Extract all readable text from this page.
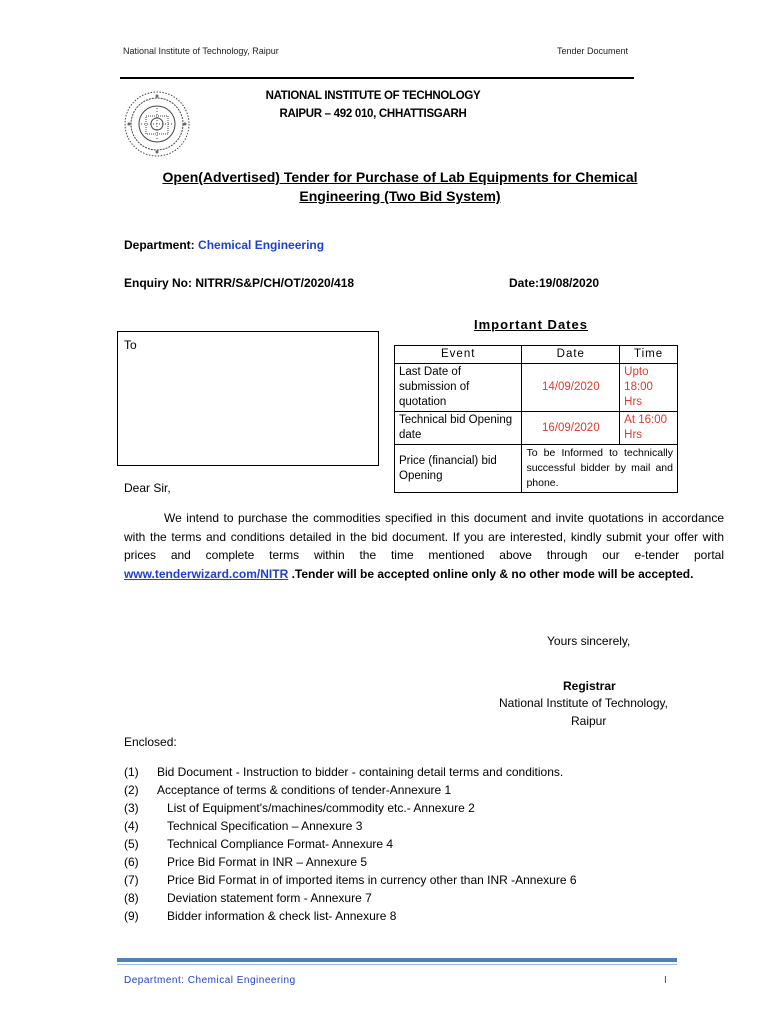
National Institute of Technology, Raipur	Tender Document
NATIONAL INSTITUTE OF TECHNOLOGY
RAIPUR – 492 010, CHHATTISGARH
Open(Advertised) Tender for Purchase of Lab Equipments for Chemical
Engineering (Two Bid System)
Department: Chemical Engineering
Enquiry No: NITRR/S&P/CH/OT/2020/418	Date:19/08/2020
To
Important Dates
Event	Date	Time
Last Date of submission of quotation	14/09/2020	Upto 18:00 Hrs
Technical bid Opening date	16/09/2020	At 16:00 Hrs
Price (financial) bid Opening	To be Informed to technically successful bidder by mail and phone.	
Dear Sir,
We intend to purchase the commodities specified in this document and invite quotations in accordance with the terms and conditions detailed in the bid document. If you are interested, kindly submit your offer with prices and complete terms within the time mentioned above through our e-tender portal www.tenderwizard.com/NITR .Tender will be accepted online only & no other mode will be accepted.
Yours sincerely,
Registrar
National Institute of Technology,
Raipur
Enclosed:
(1) Bid Document - Instruction to bidder - containing detail terms and conditions.
(2) Acceptance of terms & conditions of tender-Annexure 1
(3) List of Equipment's/machines/commodity etc.- Annexure 2
(4) Technical Specification – Annexure 3
(5) Technical Compliance Format- Annexure 4
(6) Price Bid Format in INR – Annexure 5
(7) Price Bid Format in of imported items in currency other than INR -Annexure 6
(8) Deviation statement form - Annexure 7
(9) Bidder information & check list- Annexure 8
Department: Chemical Engineering	I
